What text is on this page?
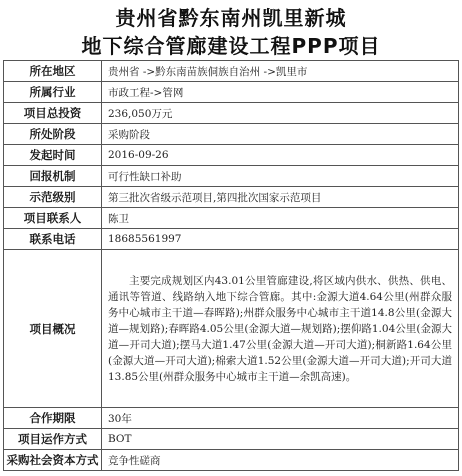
贵州省黔东南州凯里新城
地下综合管廊建设工程PPP项目
所在地区	贵州省 ->黔东南苗族侗族自治州 ->凯里市
所属行业	市政工程->管网
项目总投资	236,050万元
所处阶段	采购阶段
发起时间	2016-09-26
回报机制	可行性缺口补助
示范级别	第三批次省级示范项目,第四批次国家示范项目
项目联系人	陈卫
联系电话	18685561997
项目概况	主要完成规划区内43.01公里管廊建设,将区域内供水、供热、供电、通讯等管道、线路纳入地下综合管廊。其中:金源大道4.64公里(州群众服务中心城市主干道—春晖路);州群众服务中心城市主干道14.8公里(金源大道—规划路);春晖路4.05公里(金源大道—规划路);摆仰路1.04公里(金源大道—开司大道);摆马大道1.47公里(金源大道—开司大道);桐新路1.64公里(金源大道—开司大道);棉索大道1.52公里(金源大道—开司大道);开司大道13.85公里(州群众服务中心城市主干道—余凯高速)。
合作期限	30年
项目运作方式	BOT
采购社会资本方式	竞争性磋商
